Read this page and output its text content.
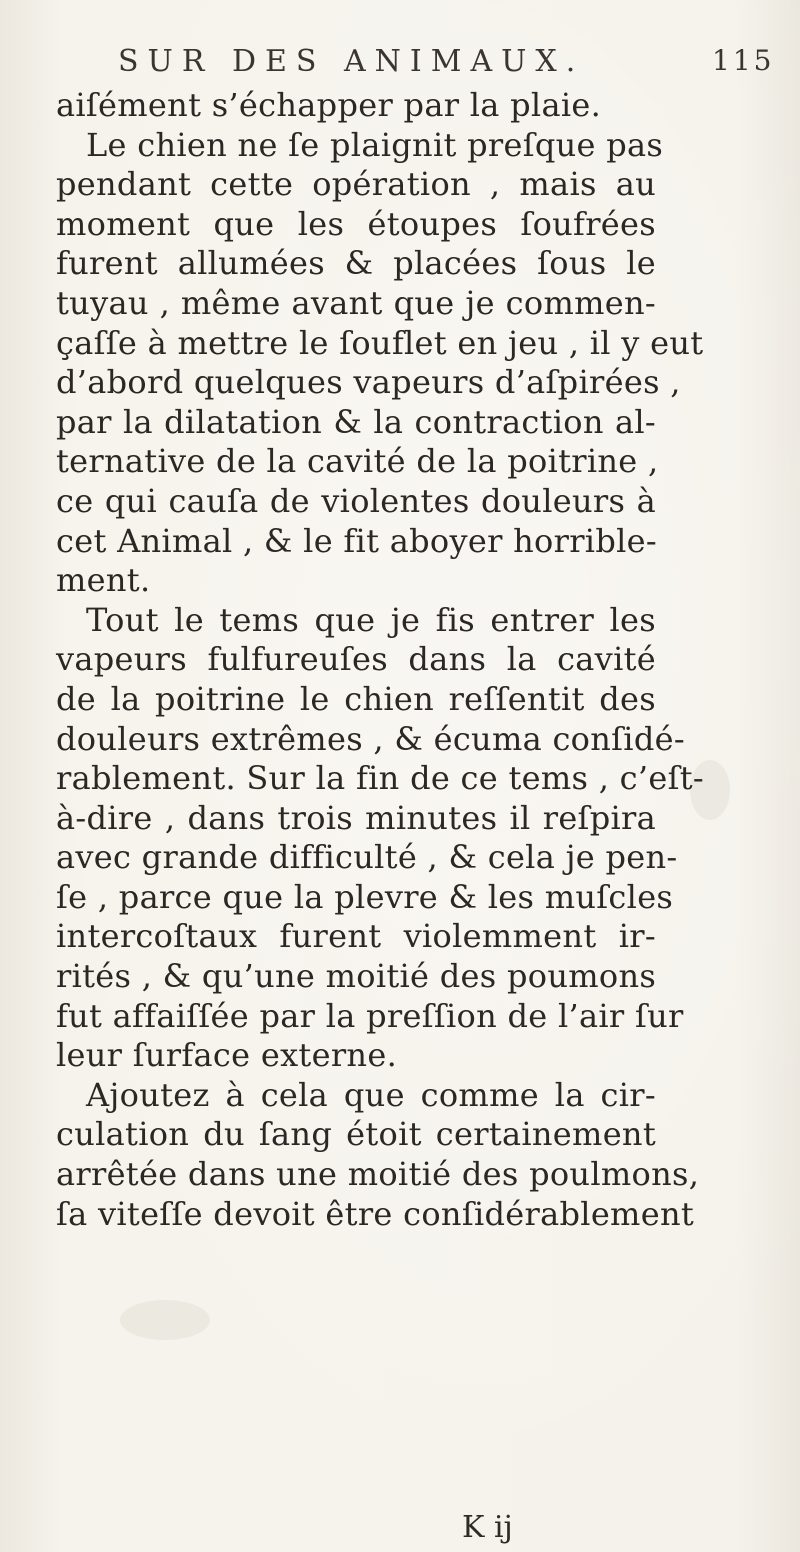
SUR DES ANIMAUX.	115
aiſément s’échapper par la plaie.
Le chien ne ſe plaignit preſque pas
pendant cette opération , mais au
moment que les étoupes ſoufrées
furent allumées & placées ſous le
tuyau , même avant que je commen-
çaſſe à mettre le ſouflet en jeu , il y eut
d’abord quelques vapeurs d’aſpirées ,
par la dilatation & la contraction al-
ternative de la cavité de la poitrine ,
ce qui cauſa de violentes douleurs à
cet Animal , & le fit aboyer horrible-
ment.
Tout le tems que je fis entrer les
vapeurs fulfureuſes dans la cavité
de la poitrine le chien reſſentit des
douleurs extrêmes , & écuma conſidé-
rablement. Sur la fin de ce tems , c’eſt-
à-dire , dans trois minutes il reſpira
avec grande difficulté , & cela je pen-
ſe , parce que la plevre & les muſcles
intercoſtaux furent violemment ir-
rités , & qu’une moitié des poumons
fut affaiſſée par la preſſion de l’air ſur
leur ſurface externe.
Ajoutez à cela que comme la cir-
culation du ſang étoit certainement
arrêtée dans une moitié des poulmons,
ſa viteſſe devoit être conſidérablement
K ij
